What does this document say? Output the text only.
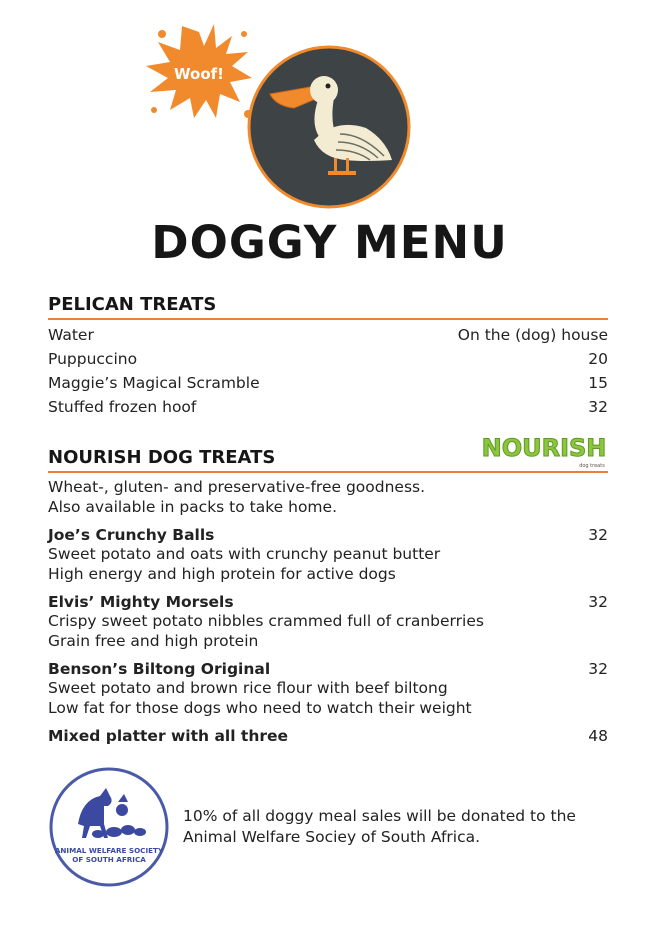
Woof!
DOGGY MENU
PELICAN TREATS
Water	On the (dog) house
Puppuccino	20
Maggie’s Magical Scramble	15
Stuffed frozen hoof	32
NOURISH DOG TREATS	NOURISH
dog treats
Wheat-, gluten- and preservative-free goodness.
Also available in packs to take home.
Joe’s Crunchy Balls	32
Sweet potato and oats with crunchy peanut butter
High energy and high protein for active dogs
Elvis’ Mighty Morsels	32
Crispy sweet potato nibbles crammed full of cranberries
Grain free and high protein
Benson’s Biltong Original	32
Sweet potato and brown rice flour with beef biltong
Low fat for those dogs who need to watch their weight
Mixed platter with all three	48
ANIMAL WELFARE SOCIETY
OF SOUTH AFRICA
10% of all doggy meal sales will be donated to the
Animal Welfare Sociey of South Africa.
